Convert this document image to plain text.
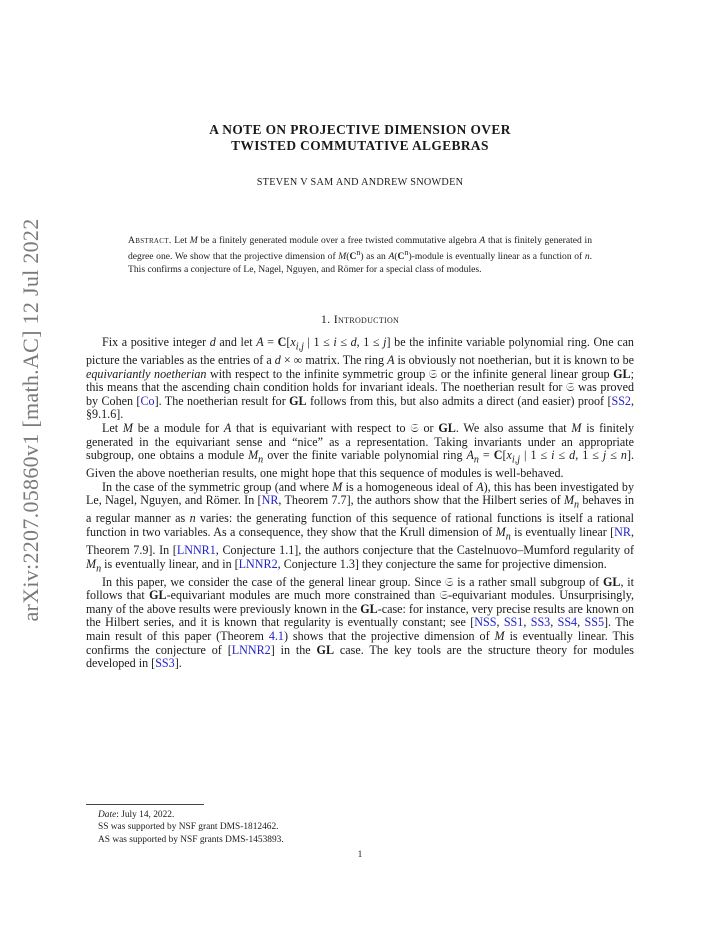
arXiv:2207.05860v1 [math.AC] 12 Jul 2022
A NOTE ON PROJECTIVE DIMENSION OVER
TWISTED COMMUTATIVE ALGEBRAS
STEVEN V SAM AND ANDREW SNOWDEN
Abstract. Let M be a finitely generated module over a free twisted commutative algebra A that is finitely generated in degree one. We show that the projective dimension of $M(C^n)$ as an $A(C^n)$-module is eventually linear as a function of n. This confirms a conjecture of Le, Nagel, Nguyen, and Römer for a special class of modules.
1. Introduction

Fix a positive integer d and let $A = C[x_{i,j}$ | 1 ≤ i ≤ d, 1 ≤ j] be the infinite variable polynomial ring. One can picture the variables as the entries of a d × ∞ matrix. The ring A is obviously not noetherian, but it is known to be equivariantly noetherian with respect to the infinite symmetric group 𝔖 or the infinite general linear group GL; this means that the ascending chain condition holds for invariant ideals. The noetherian result for 𝔖 was proved by Cohen [Co]. The noetherian result for GL follows from this, but also admits a direct (and easier) proof [SS2, §9.1.6].

Let M be a module for A that is equivariant with respect to 𝔖 or GL. We also assume that M is finitely generated in the equivariant sense and “nice” as a representation. Taking invariants under an appropriate subgroup, one obtains a module $M_n$ over the finite variable polynomial ring $A_n = C[x_{i,j}$ | 1 ≤ i ≤ d, 1 ≤ j ≤ n]. Given the above noetherian results, one might hope that this sequence of modules is well-behaved.

In the case of the symmetric group (and where M is a homogeneous ideal of A), this has been investigated by Le, Nagel, Nguyen, and Römer. In [NR, Theorem 7.7], the authors show that the Hilbert series of $M_n$ behaves in a regular manner as n varies: the generating function of this sequence of rational functions is itself a rational function in two variables. As a consequence, they show that the Krull dimension of $M_n$ is eventually linear [NR, Theorem 7.9]. In [LNNR1, Conjecture 1.1], the authors conjecture that the Castelnuovo–Mumford regularity of $M_n$ is eventually linear, and in [LNNR2, Conjecture 1.3] they conjecture the same for projective dimension.

In this paper, we consider the case of the general linear group. Since 𝔖 is a rather small subgroup of GL, it follows that GL-equivariant modules are much more constrained than 𝔖-equivariant modules. Unsurprisingly, many of the above results were previously known in the GL-case: for instance, very precise results are known on the Hilbert series, and it is known that regularity is eventually constant; see [NSS, SS1, SS3, SS4, SS5]. The main result of this paper (Theorem 4.1) shows that the projective dimension of M is eventually linear. This confirms the conjecture of [LNNR2] in the GL case. The key tools are the structure theory for modules developed in [SS3].

Date: July 14, 2022.
SS was supported by NSF grant DMS-1812462.
AS was supported by NSF grants DMS-1453893.
1
